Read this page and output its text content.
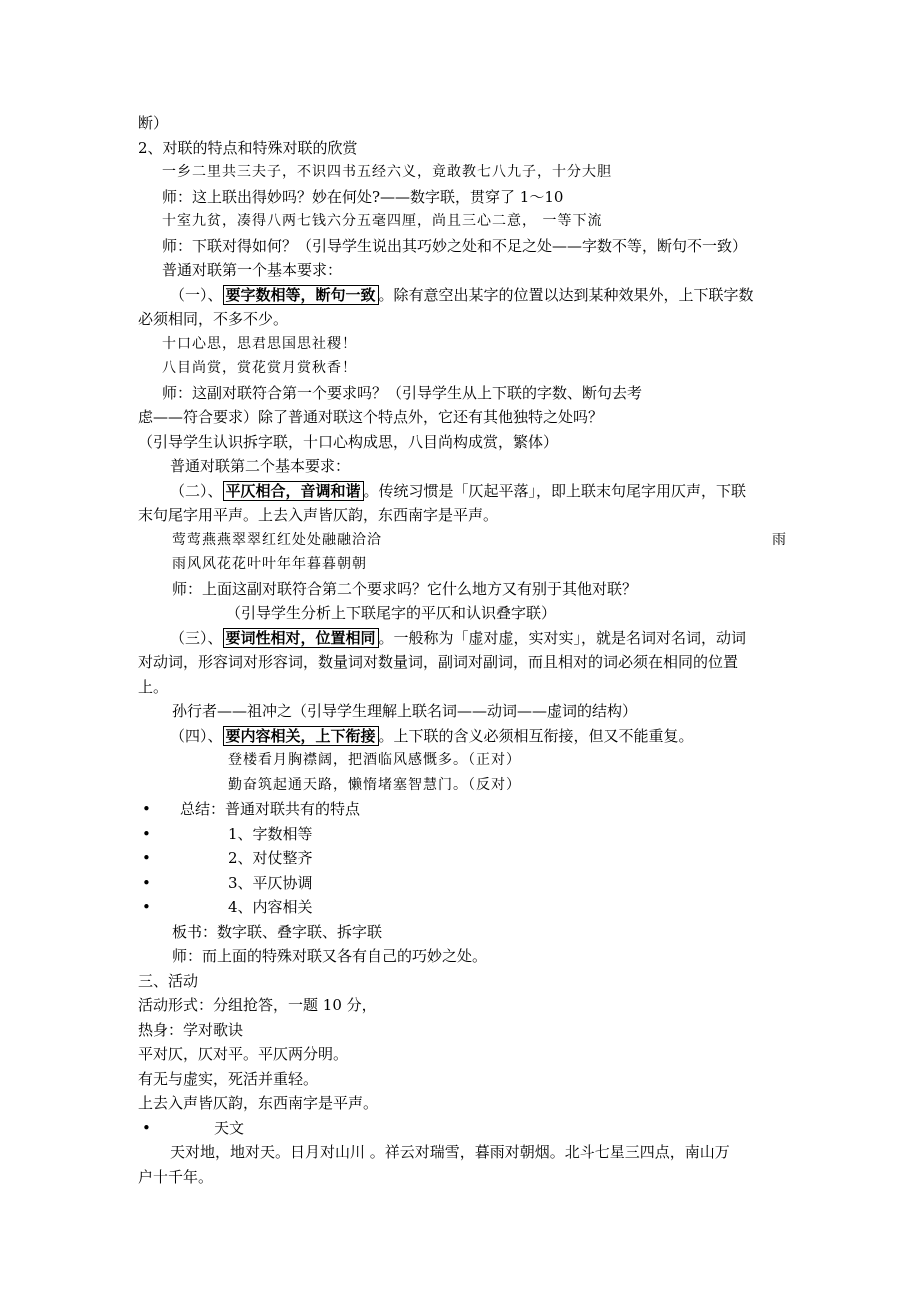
断）
2、对联的特点和特殊对联的欣赏
一乡二里共三夫子，不识四书五经六义，竟敢教七八九子，十分大胆
师：这上联出得妙吗？妙在何处?——数字联，贯穿了 1～10
十室九贫，凑得八两七钱六分五毫四厘，尚且三心二意， 一等下流
师：下联对得如何？（引导学生说出其巧妙之处和不足之处——字数不等，断句不一致）
普通对联第一个基本要求：
（一）、 要字数相等，断句一致 。除有意空出某字的位置以达到某种效果外，上下联字数
必须相同，不多不少。
十口心思，思君思国思社稷！
八目尚赏，赏花赏月赏秋香！
师：这副对联符合第一个要求吗？（引导学生从上下联的字数、断句去考
虑——符合要求）除了普通对联这个特点外，它还有其他独特之处吗？
（引导学生认识拆字联，十口心构成思，八目尚构成赏，繁体）
普通对联第二个基本要求：
（二）、 平仄相合，音调和谐 。传统习惯是「仄起平落」，即上联末句尾字用仄声，下联
末句尾字用平声。上去入声皆仄韵，东西南字是平声。
莺莺燕燕翠翠红红处处融融洽洽	雨
雨风风花花叶叶年年暮暮朝朝
师：上面这副对联符合第二个要求吗？它什么地方又有别于其他对联？
（引导学生分析上下联尾字的平仄和认识叠字联）
（三）、 要词性相对，位置相同 。一般称为「虚对虚，实对实」，就是名词对名词，动词
对动词，形容词对形容词，数量词对数量词，副词对副词，而且相对的词必须在相同的位置
上。
孙行者——祖冲之（引导学生理解上联名词——动词——虚词的结构）
（四）、 要内容相关，上下衔接 。上下联的含义必须相互衔接，但又不能重复。
登楼看月胸襟阔，把酒临风感慨多。（正对）
勤奋筑起通天路，懒惰堵塞智慧门。（反对）
• 总结：普通对联共有的特点
•	1、字数相等
•	2、对仗整齐
•	3、平仄协调
•	4、内容相关
板书：数字联、叠字联、拆字联
师：而上面的特殊对联又各有自己的巧妙之处。
三、活动
活动形式：分组抢答，一题 10 分，
热身：学对歌诀
平对仄，仄对平。平仄两分明。
有无与虚实，死活并重轻。
上去入声皆仄韵，东西南字是平声。
•	天文
天对地，地对天。日月对山川 。祥云对瑞雪，暮雨对朝烟。北斗七星三四点，南山万
户十千年。
